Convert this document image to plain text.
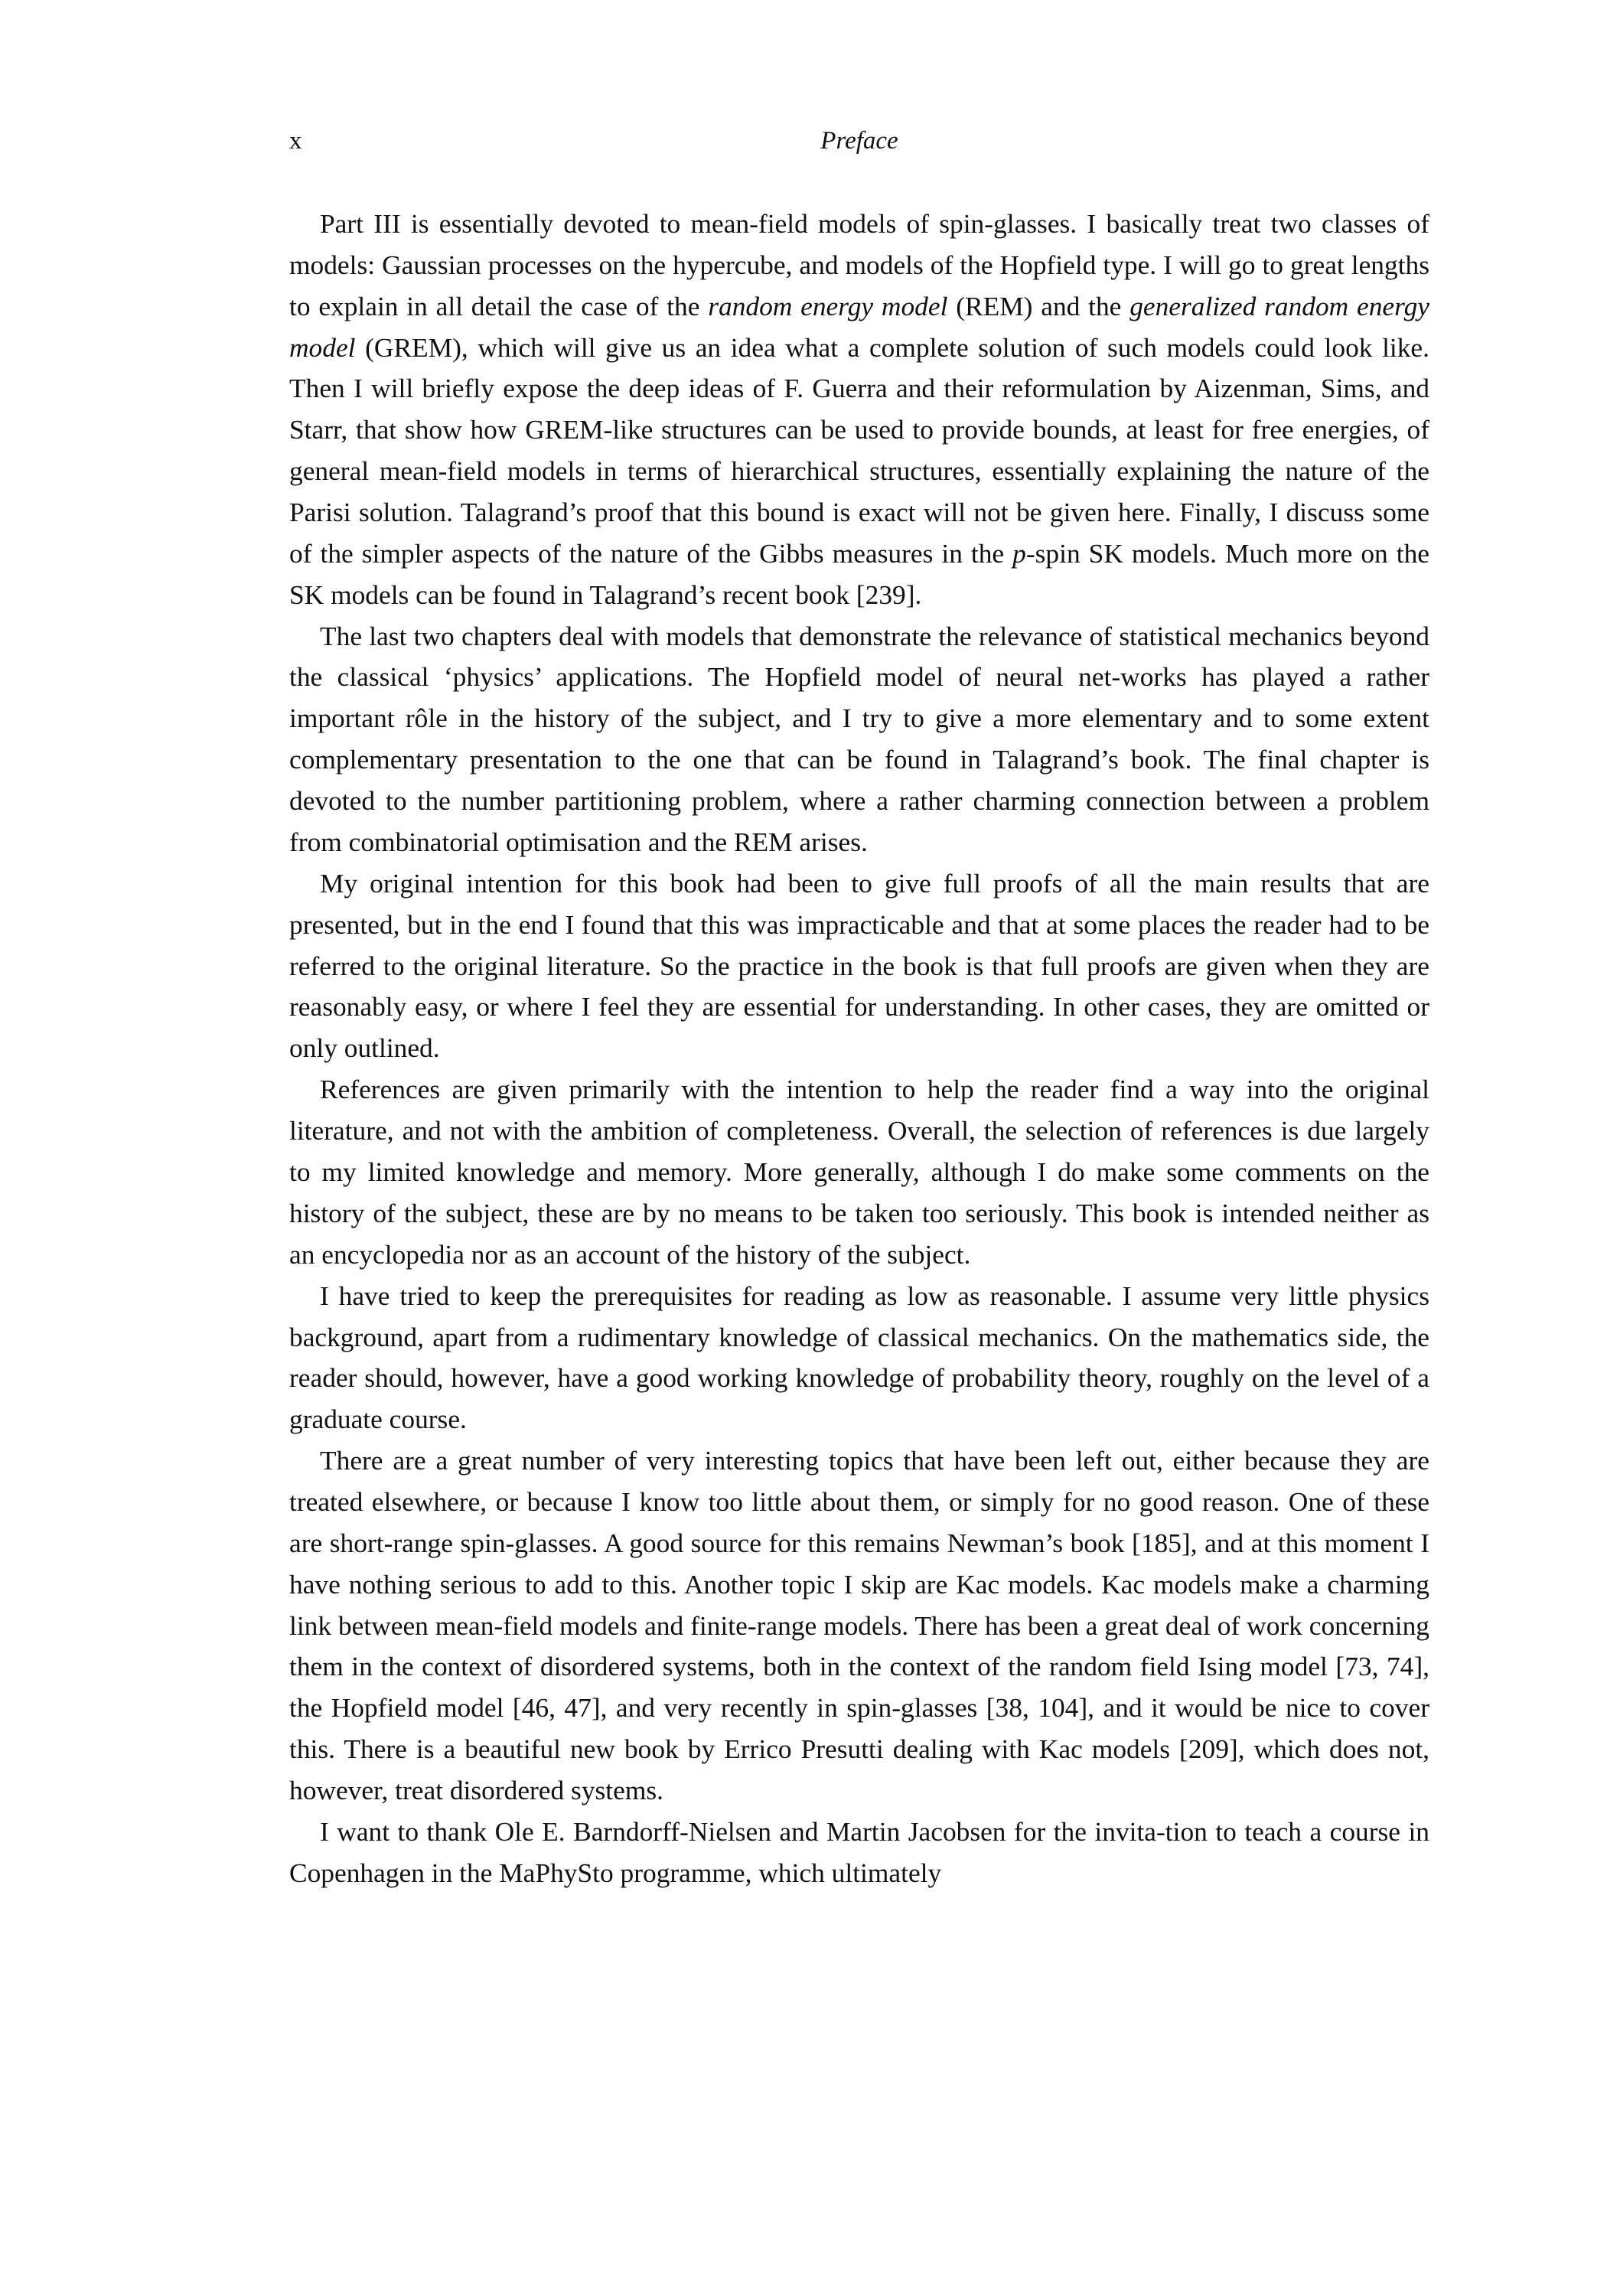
x	Preface

Part III is essentially devoted to mean-field models of spin-glasses. I basically treat two classes of models: Gaussian processes on the hypercube, and models of the Hopfield type. I will go to great lengths to explain in all detail the case of the random energy model (REM) and the generalized random energy model (GREM), which will give us an idea what a complete solution of such models could look like. Then I will briefly expose the deep ideas of F. Guerra and their reformulation by Aizenman, Sims, and Starr, that show how GREM-like structures can be used to provide bounds, at least for free energies, of general mean-field models in terms of hierarchical structures, essentially explaining the nature of the Parisi solution. Talagrand’s proof that this bound is exact will not be given here. Finally, I discuss some of the simpler aspects of the nature of the Gibbs measures in the p-spin SK models. Much more on the SK models can be found in Talagrand’s recent book [239].

The last two chapters deal with models that demonstrate the relevance of statistical mechanics beyond the classical ‘physics’ applications. The Hopfield model of neural net-works has played a rather important rôle in the history of the subject, and I try to give a more elementary and to some extent complementary presentation to the one that can be found in Talagrand’s book. The final chapter is devoted to the number partitioning problem, where a rather charming connection between a problem from combinatorial optimisation and the REM arises.

My original intention for this book had been to give full proofs of all the main results that are presented, but in the end I found that this was impracticable and that at some places the reader had to be referred to the original literature. So the practice in the book is that full proofs are given when they are reasonably easy, or where I feel they are essential for understanding. In other cases, they are omitted or only outlined.

References are given primarily with the intention to help the reader find a way into the original literature, and not with the ambition of completeness. Overall, the selection of references is due largely to my limited knowledge and memory. More generally, although I do make some comments on the history of the subject, these are by no means to be taken too seriously. This book is intended neither as an encyclopedia nor as an account of the history of the subject.

I have tried to keep the prerequisites for reading as low as reasonable. I assume very little physics background, apart from a rudimentary knowledge of classical mechanics. On the mathematics side, the reader should, however, have a good working knowledge of probability theory, roughly on the level of a graduate course.

There are a great number of very interesting topics that have been left out, either because they are treated elsewhere, or because I know too little about them, or simply for no good reason. One of these are short-range spin-glasses. A good source for this remains Newman’s book [185], and at this moment I have nothing serious to add to this. Another topic I skip are Kac models. Kac models make a charming link between mean-field models and finite-range models. There has been a great deal of work concerning them in the context of disordered systems, both in the context of the random field Ising model [73, 74], the Hopfield model [46, 47], and very recently in spin-glasses [38, 104], and it would be nice to cover this. There is a beautiful new book by Errico Presutti dealing with Kac models [209], which does not, however, treat disordered systems.

I want to thank Ole E. Barndorff-Nielsen and Martin Jacobsen for the invita-tion to teach a course in Copenhagen in the MaPhySto programme, which ultimately
